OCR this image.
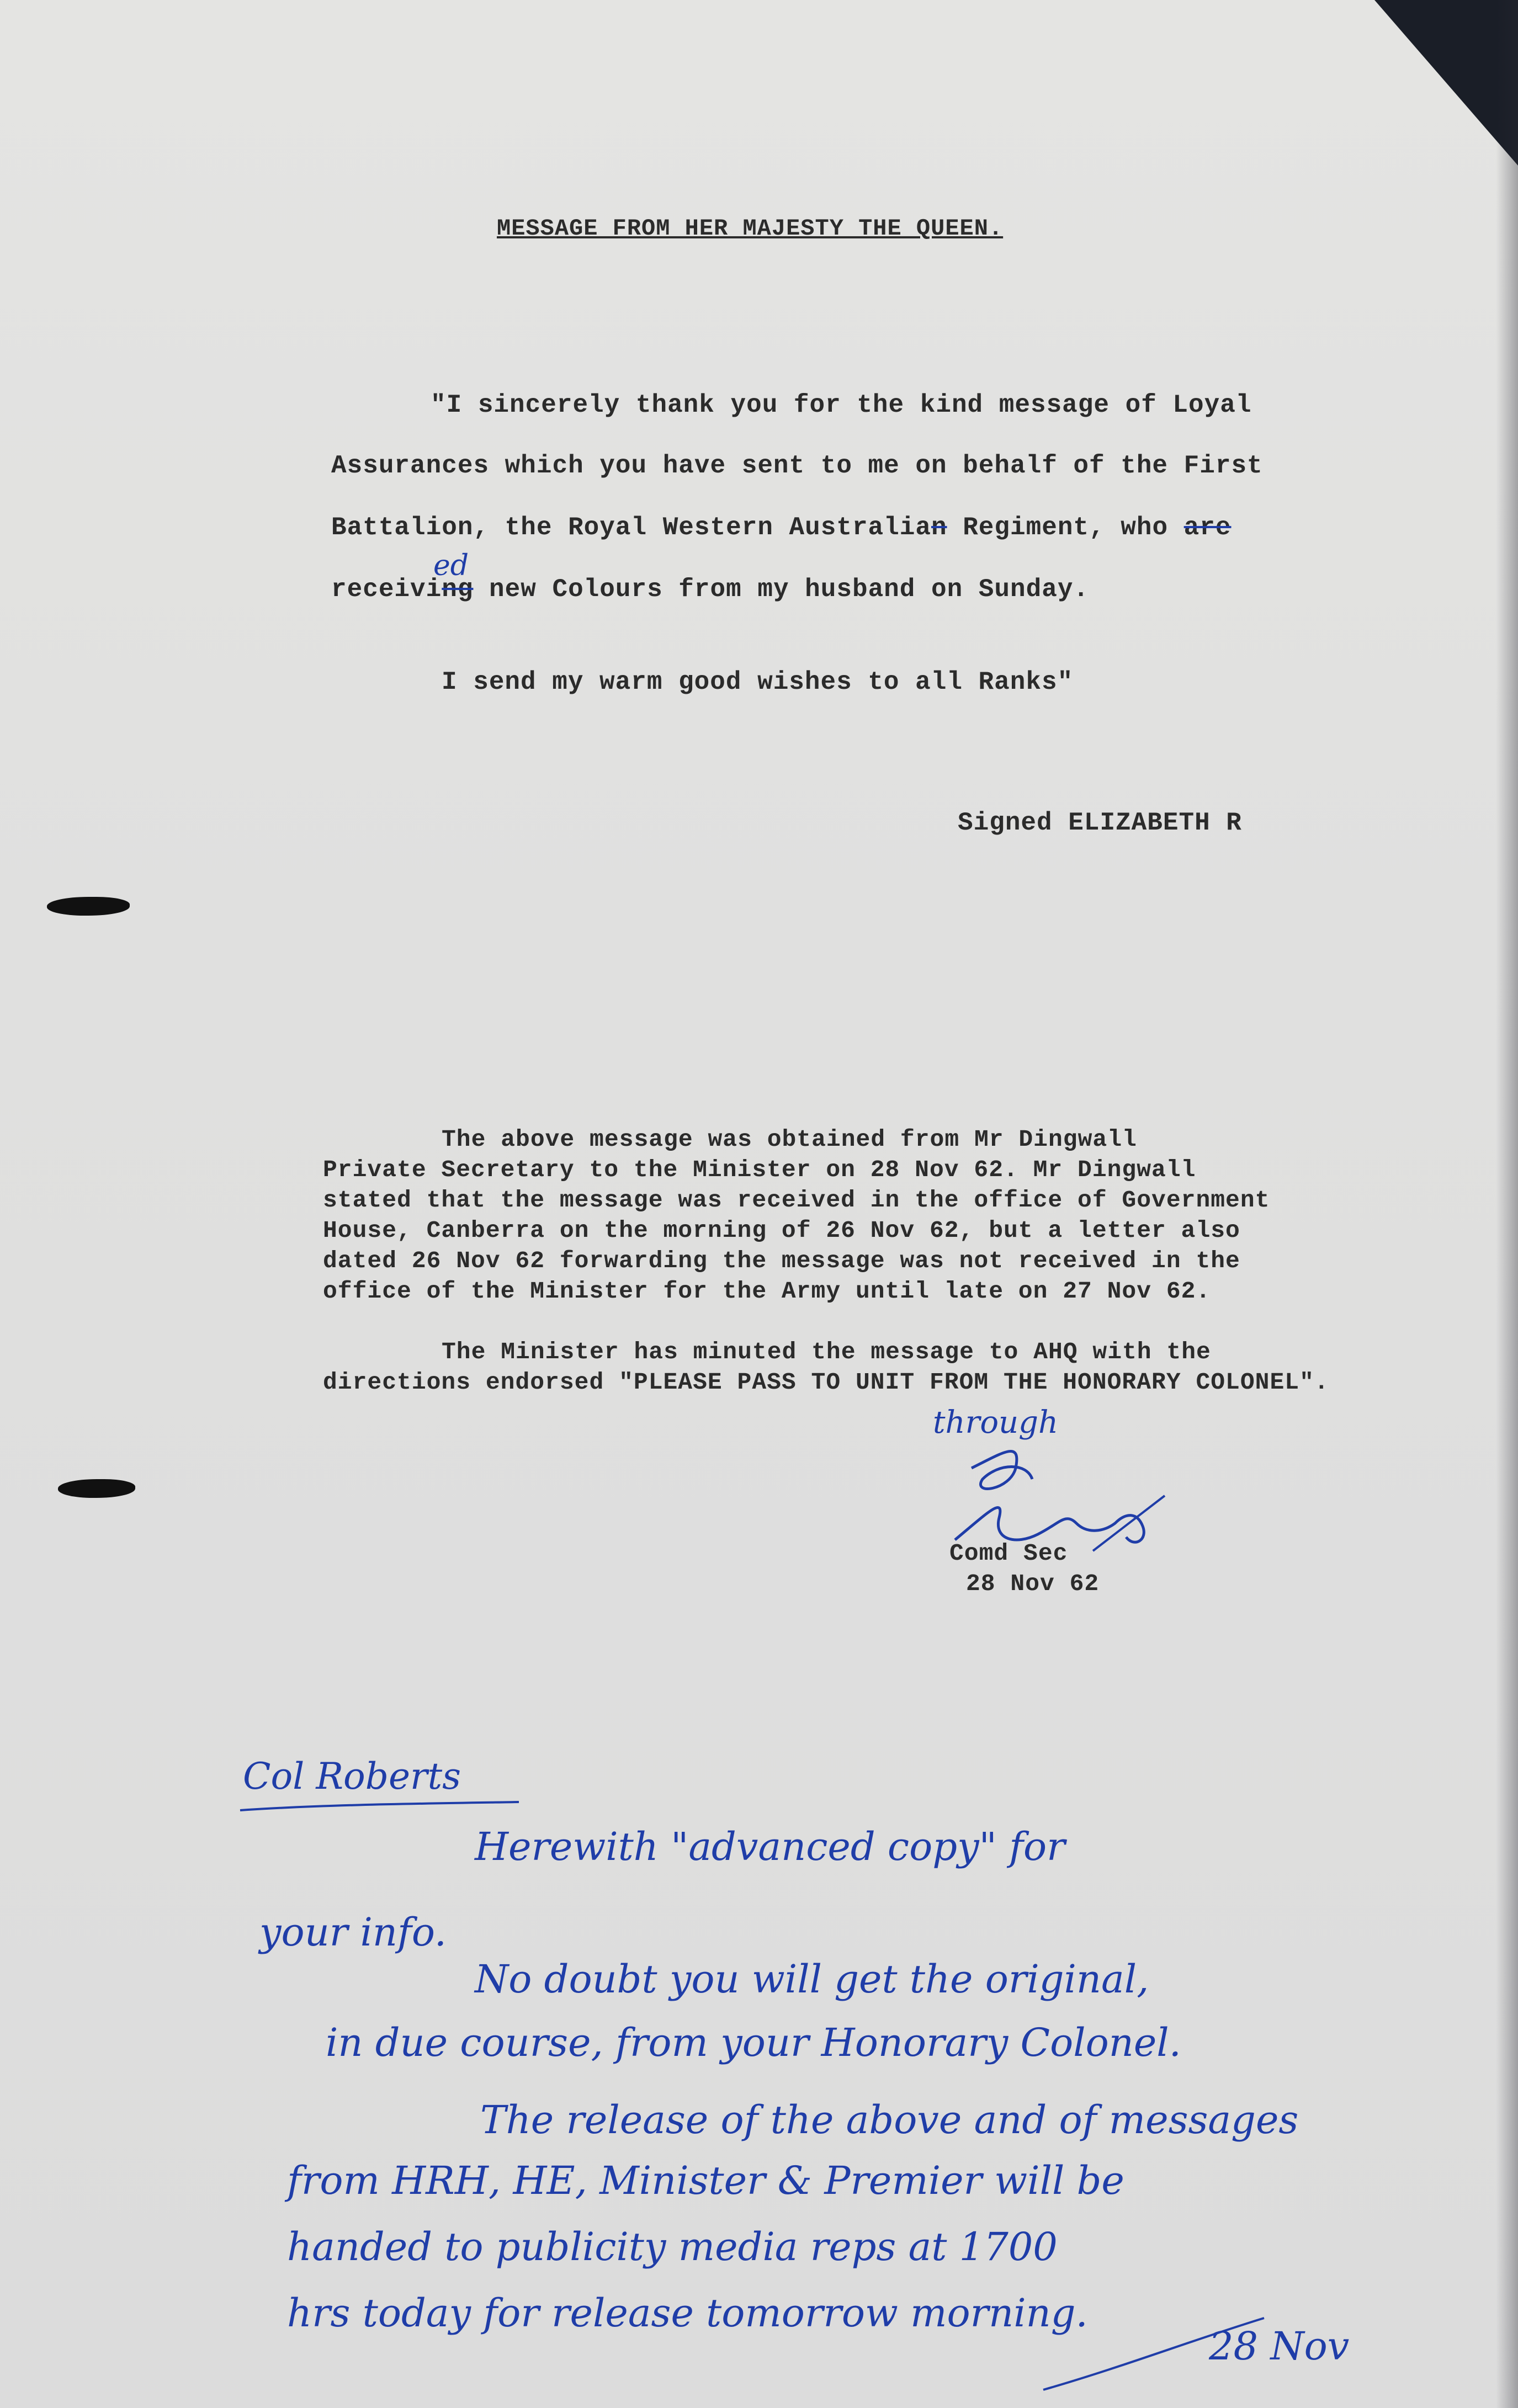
MESSAGE FROM HER MAJESTY THE QUEEN.
"I sincerely thank you for the kind message of Loyal
Assurances which you have sent to me on behalf of the First
Battalion, the Royal Western Australian Regiment, who are
receiving new Colours from my husband on Sunday.
ed
I send my warm good wishes to all Ranks"
Signed ELIZABETH R
The above message was obtained from Mr Dingwall
Private Secretary to the Minister on 28 Nov 62. Mr Dingwall
stated that the message was received in the office of Government
House, Canberra on the morning of 26 Nov 62, but a letter also
dated 26 Nov 62 forwarding the message was not received in the
office of the Minister for the Army until late on 27 Nov 62.
The Minister has minuted the message to AHQ with the
directions endorsed "PLEASE PASS TO UNIT FROM THE HONORARY COLONEL".
through
Comd Sec
28 Nov 62
Col Roberts
Herewith "advanced copy" for
your info.
No doubt you will get the original,
in due course, from your Honorary Colonel.
The release of the above and of messages
from HRH, HE, Minister & Premier will be
handed to publicity media reps at 1700
hrs today for release tomorrow morning.
28 Nov
